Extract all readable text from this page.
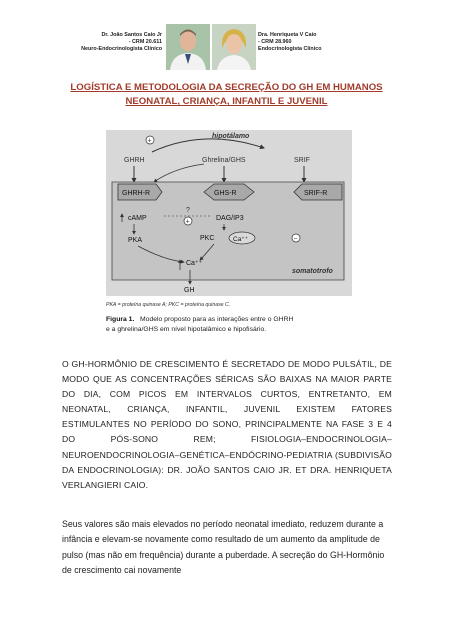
Dr. João Santos Caio Jr
- CRM 20.611
Neuro-Endocrinologista Clínico
Dra. Henriqueta V Caio
- CRM 28.960
Endocrinologista Clínico
LOGÍSTICA E METODOLOGIA DA SECREÇÃO DO GH EM HUMANOS NEONATAL, CRIANÇA, INFANTIL E JUVENIL
hipotálamo
+
GHRH	Ghrelina/GHS	SRIF
GHRH-R	GHS-R	SRIF-R
?
cAMP	DAG/IP3
+
PKA	PKC	Ca⁺⁺	−
Ca⁺⁺
somatotrofo
GH
PKA = proteína quinase A; PKC = proteína quinase C.
Figura 1. Modelo proposto para as interações entre o GHRH
e a ghrelina/GHS em nível hipotalâmico e hipofisário.
O GH-HORMÔNIO DE CRESCIMENTO É SECRETADO DE MODO PULSÁTIL, DE MODO QUE AS CONCENTRAÇÕES SÉRICAS SÃO BAIXAS NA MAIOR PARTE DO DIA, COM PICOS EM INTERVALOS CURTOS, ENTRETANTO, EM NEONATAL, CRIANÇA, INFANTIL, JUVENIL EXISTEM FATORES ESTIMULANTES NO PERÍODO DO SONO, PRINCIPALMENTE NA FASE 3 E 4 DO PÓS-SONO REM; FISIOLOGIA–ENDOCRINOLOGIA–NEUROENDOCRINOLOGIA–GENÉTICA–ENDÓCRINO-PEDIATRIA (SUBDIVISÃO DA ENDOCRINOLOGIA): DR. JOÃO SANTOS CAIO JR. ET DRA. HENRIQUETA VERLANGIERI CAIO.
Seus valores são mais elevados no período neonatal imediato, reduzem durante a infância e elevam-se novamente como resultado de um aumento da amplitude de pulso (mas não em frequência) durante a puberdade. A secreção do GH-Hormônio de crescimento cai novamente
